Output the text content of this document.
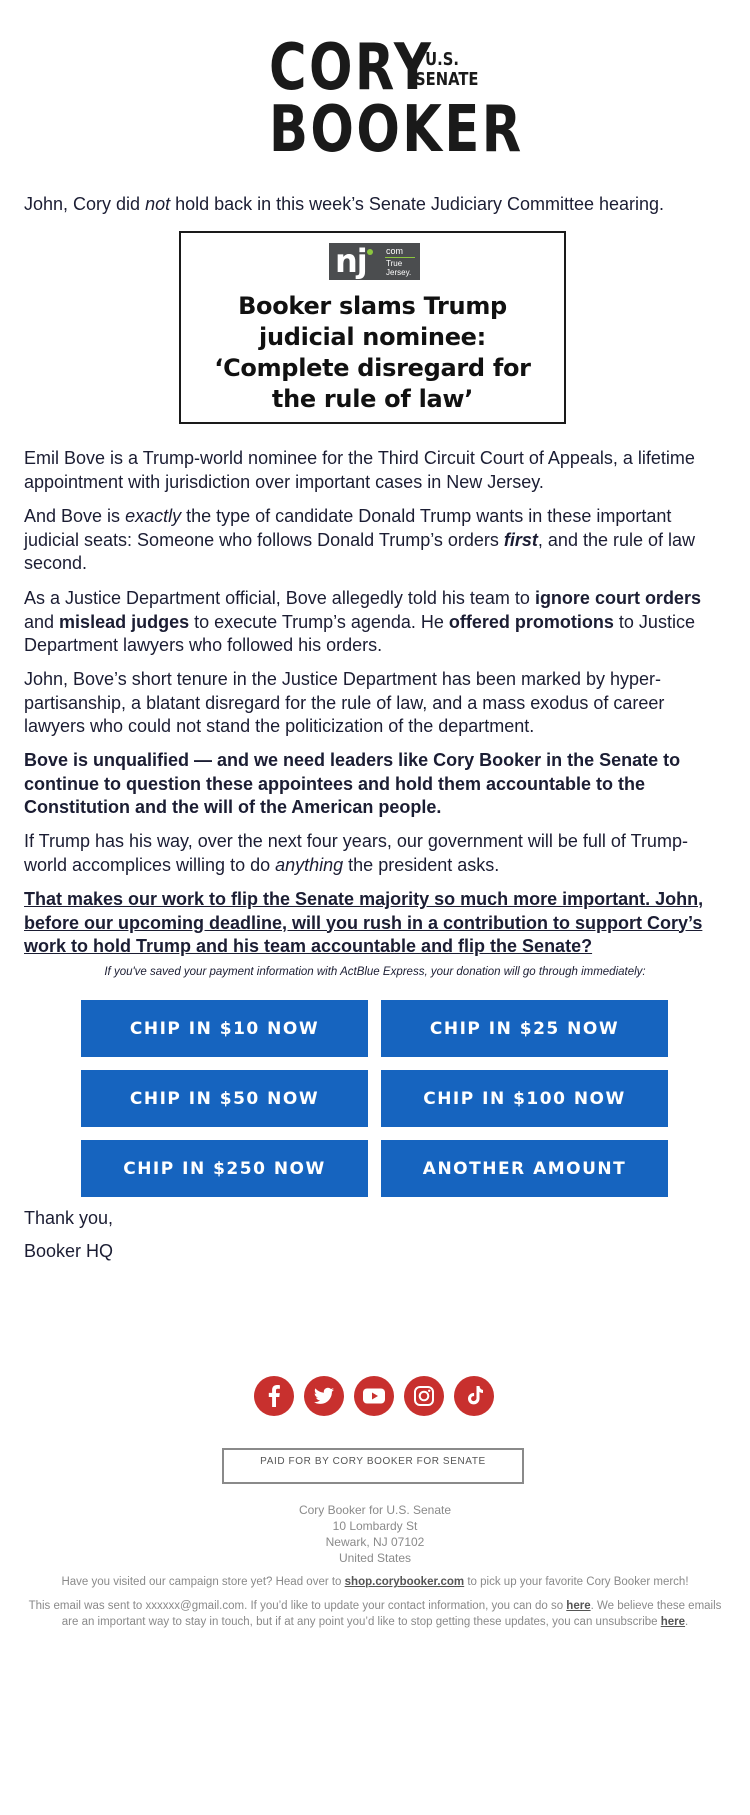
CORY
U.S.
SENATE
BOOKER

John, Cory did not hold back in this week’s Senate Judiciary Committee hearing.

nj com
True Jersey.

Booker slams Trump judicial nominee: ‘Complete disregard for the rule of law’

Emil Bove is a Trump-world nominee for the Third Circuit Court of Appeals, a lifetime appointment with jurisdiction over important cases in New Jersey.

And Bove is exactly the type of candidate Donald Trump wants in these important judicial seats: Someone who follows Donald Trump’s orders first, and the rule of law second.

As a Justice Department official, Bove allegedly told his team to ignore court orders and mislead judges to execute Trump’s agenda. He offered promotions to Justice Department lawyers who followed his orders.

John, Bove’s short tenure in the Justice Department has been marked by hyper-partisanship, a blatant disregard for the rule of law, and a mass exodus of career lawyers who could not stand the politicization of the department.

Bove is unqualified — and we need leaders like Cory Booker in the Senate to continue to question these appointees and hold them accountable to the Constitution and the will of the American people.

If Trump has his way, over the next four years, our government will be full of Trump-world accomplices willing to do anything the president asks.

That makes our work to flip the Senate majority so much more important. John, before our upcoming deadline, will you rush in a contribution to support Cory’s work to hold Trump and his team accountable and flip the Senate?

If you've saved your payment information with ActBlue Express, your donation will go through immediately:

CHIP IN $10 NOW	CHIP IN $25 NOW
CHIP IN $50 NOW	CHIP IN $100 NOW
CHIP IN $250 NOW	ANOTHER AMOUNT

Thank you,

Booker HQ

PAID FOR BY CORY BOOKER FOR SENATE

Cory Booker for U.S. Senate

10 Lombardy St

Newark, NJ 07102

United States

Have you visited our campaign store yet? Head over to shop.corybooker.com to pick up your favorite Cory Booker merch!

This email was sent to xxxxxx@gmail.com. If you’d like to update your contact information, you can do so here. We believe these emails are an important way to stay in touch, but if at any point you’d like to stop getting these updates, you can unsubscribe here.
